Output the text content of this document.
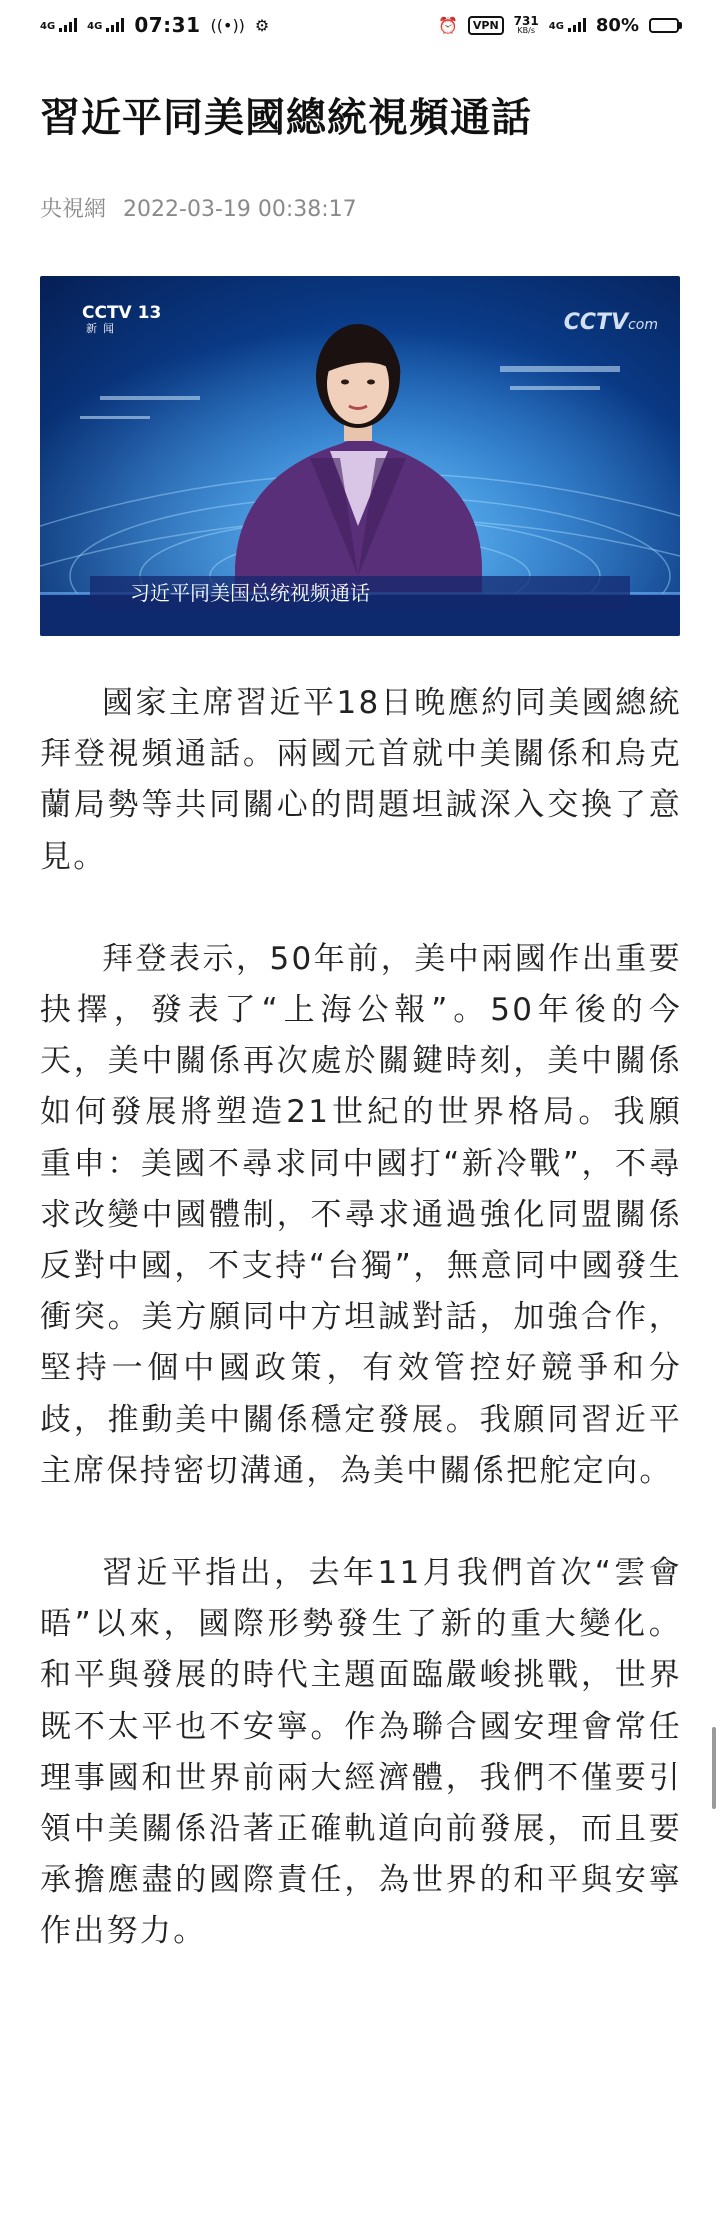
4G	4G 07:31 ((•)) ⚙	⏰	VPN	731
KB/s 4G 80%
習近平同美國總統視頻通話
央視網 2022-03-19 00:38:17
CCTV 13
新闻	CCTVcom
习近平同美国总统视频通话

國家主席習近平18日晚應約同美國總統拜登視頻通話。兩國元首就中美關係和烏克蘭局勢等共同關心的問題坦誠深入交換了意見。

拜登表示，50年前，美中兩國作出重要抉擇，發表了“上海公報”。50年後的今天，美中關係再次處於關鍵時刻，美中關係如何發展將塑造21世紀的世界格局。我願重申：美國不尋求同中國打“新冷戰”，不尋求改變中國體制，不尋求通過強化同盟關係反對中國，不支持“台獨”，無意同中國發生衝突。美方願同中方坦誠對話，加強合作，堅持一個中國政策，有效管控好競爭和分歧，推動美中關係穩定發展。我願同習近平主席保持密切溝通，為美中關係把舵定向。

習近平指出，去年11月我們首次“雲會晤”以來，國際形勢發生了新的重大變化。和平與發展的時代主題面臨嚴峻挑戰，世界既不太平也不安寧。作為聯合國安理會常任理事國和世界前兩大經濟體，我們不僅要引領中美關係沿著正確軌道向前發展，而且要承擔應盡的國際責任，為世界的和平與安寧作出努力。
